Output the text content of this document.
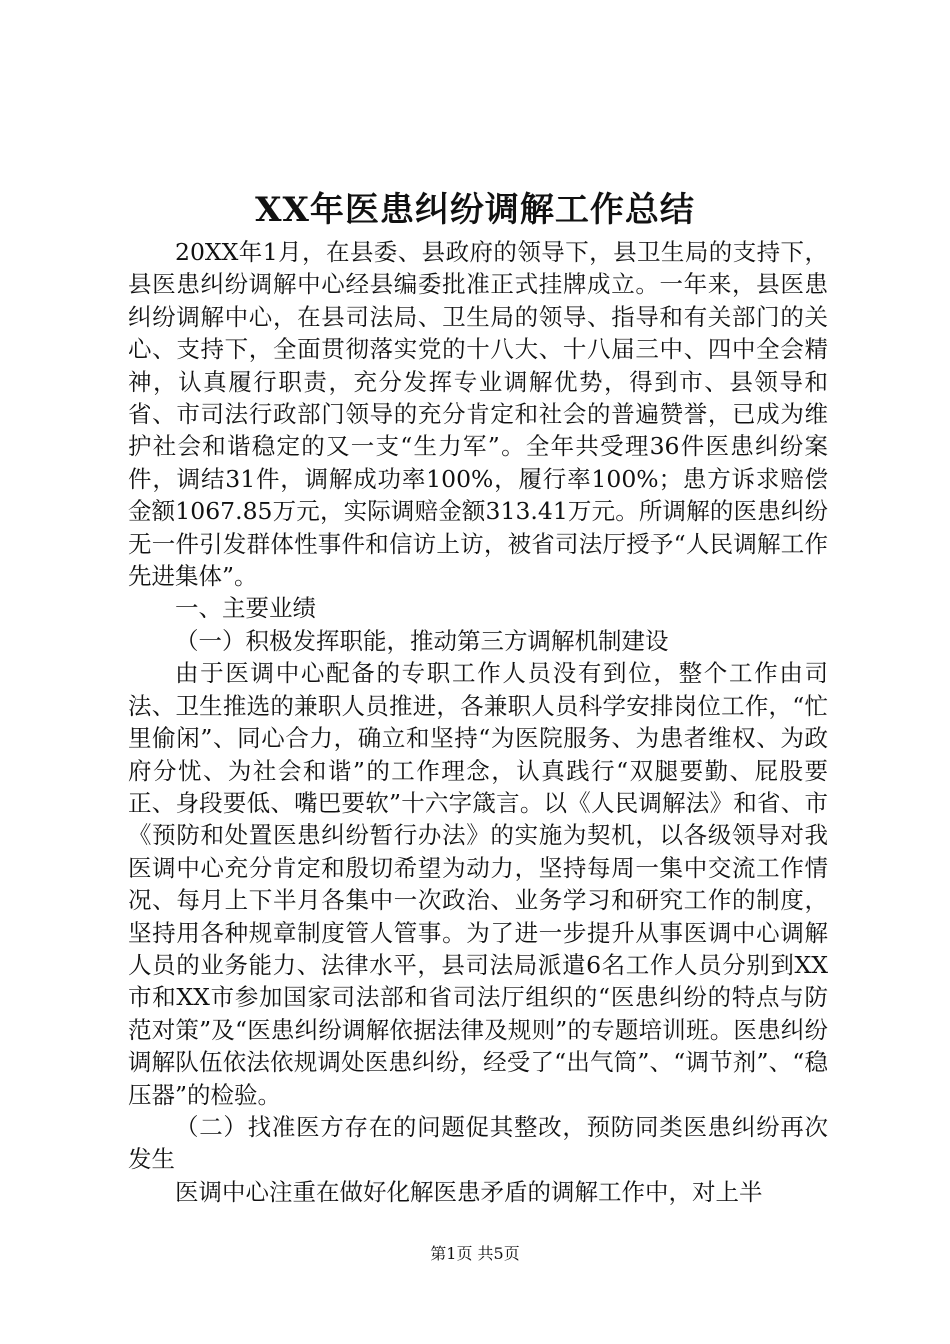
XX年医患纠纷调解工作总结

20XX年1月，在县委、县政府的领导下，县卫生局的支持下，县医患纠纷调解中心经县编委批准正式挂牌成立。一年来，县医患纠纷调解中心，在县司法局、卫生局的领导、指导和有关部门的关心、支持下，全面贯彻落实党的十八大、十八届三中、四中全会精神，认真履行职责，充分发挥专业调解优势，得到市、县领导和省、市司法行政部门领导的充分肯定和社会的普遍赞誉，已成为维护社会和谐稳定的又一支“生力军”。全年共受理36件医患纠纷案件，调结31件，调解成功率100%，履行率100%；患方诉求赔偿金额1067.85万元，实际调赔金额313.41万元。所调解的医患纠纷无一件引发群体性事件和信访上访，被省司法厅授予“人民调解工作先进集体”。

一、主要业绩

（一）积极发挥职能，推动第三方调解机制建设

由于医调中心配备的专职工作人员没有到位，整个工作由司法、卫生推选的兼职人员推进，各兼职人员科学安排岗位工作，“忙里偷闲”、同心合力，确立和坚持“为医院服务、为患者维权、为政府分忧、为社会和谐”的工作理念，认真践行“双腿要勤、屁股要正、身段要低、嘴巴要软”十六字箴言。以《人民调解法》和省、市《预防和处置医患纠纷暂行办法》的实施为契机，以各级领导对我医调中心充分肯定和殷切希望为动力，坚持每周一集中交流工作情况、每月上下半月各集中一次政治、业务学习和研究工作的制度，坚持用各种规章制度管人管事。为了进一步提升从事医调中心调解人员的业务能力、法律水平，县司法局派遣6名工作人员分别到XX市和XX市参加国家司法部和省司法厅组织的“医患纠纷的特点与防范对策”及“医患纠纷调解依据法律及规则”的专题培训班。医患纠纷调解队伍依法依规调处医患纠纷，经受了“出气筒”、“调节剂”、“稳压器”的检验。

（二）找准医方存在的问题促其整改，预防同类医患纠纷再次发生

医调中心注重在做好化解医患矛盾的调解工作中，对上半

第1页 共5页
